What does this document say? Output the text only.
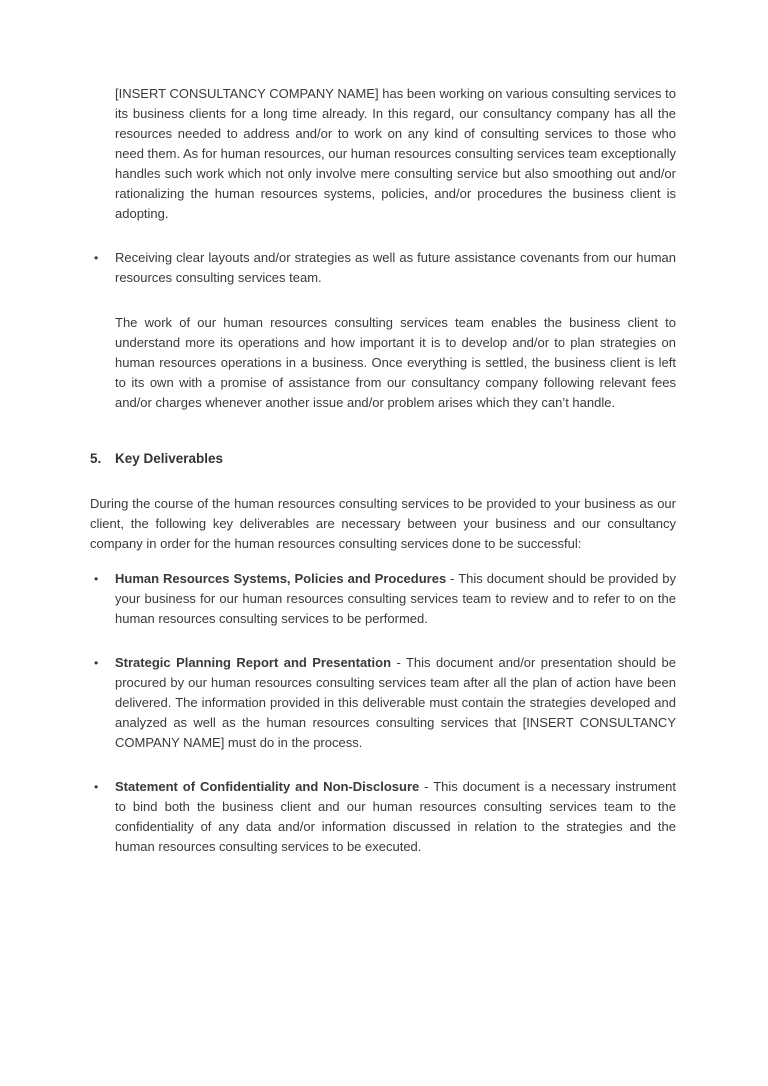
[INSERT CONSULTANCY COMPANY NAME] has been working on various consulting services to its business clients for a long time already. In this regard, our consultancy company has all the resources needed to address and/or to work on any kind of consulting services to those who need them. As for human resources, our human resources consulting services team exceptionally handles such work which not only involve mere consulting service but also smoothing out and/or rationalizing the human resources systems, policies, and/or procedures the business client is adopting.

•	Receiving clear layouts and/or strategies as well as future assistance covenants from our human resources consulting services team.

The work of our human resources consulting services team enables the business client to understand more its operations and how important it is to develop and/or to plan strategies on human resources operations in a business. Once everything is settled, the business client is left to its own with a promise of assistance from our consultancy company following relevant fees and/or charges whenever another issue and/or problem arises which they can’t handle.

5.	Key Deliverables

During the course of the human resources consulting services to be provided to your business as our client, the following key deliverables are necessary between your business and our consultancy company in order for the human resources consulting services done to be successful:

•	Human Resources Systems, Policies and Procedures - This document should be provided by your business for our human resources consulting services team to review and to refer to on the human resources consulting services to be performed.

•	Strategic Planning Report and Presentation - This document and/or presentation should be procured by our human resources consulting services team after all the plan of action have been delivered. The information provided in this deliverable must contain the strategies developed and analyzed as well as the human resources consulting services that [INSERT CONSULTANCY COMPANY NAME] must do in the process.

•	Statement of Confidentiality and Non-Disclosure - This document is a necessary instrument to bind both the business client and our human resources consulting services team to the confidentiality of any data and/or information discussed in relation to the strategies and the human resources consulting services to be executed.
